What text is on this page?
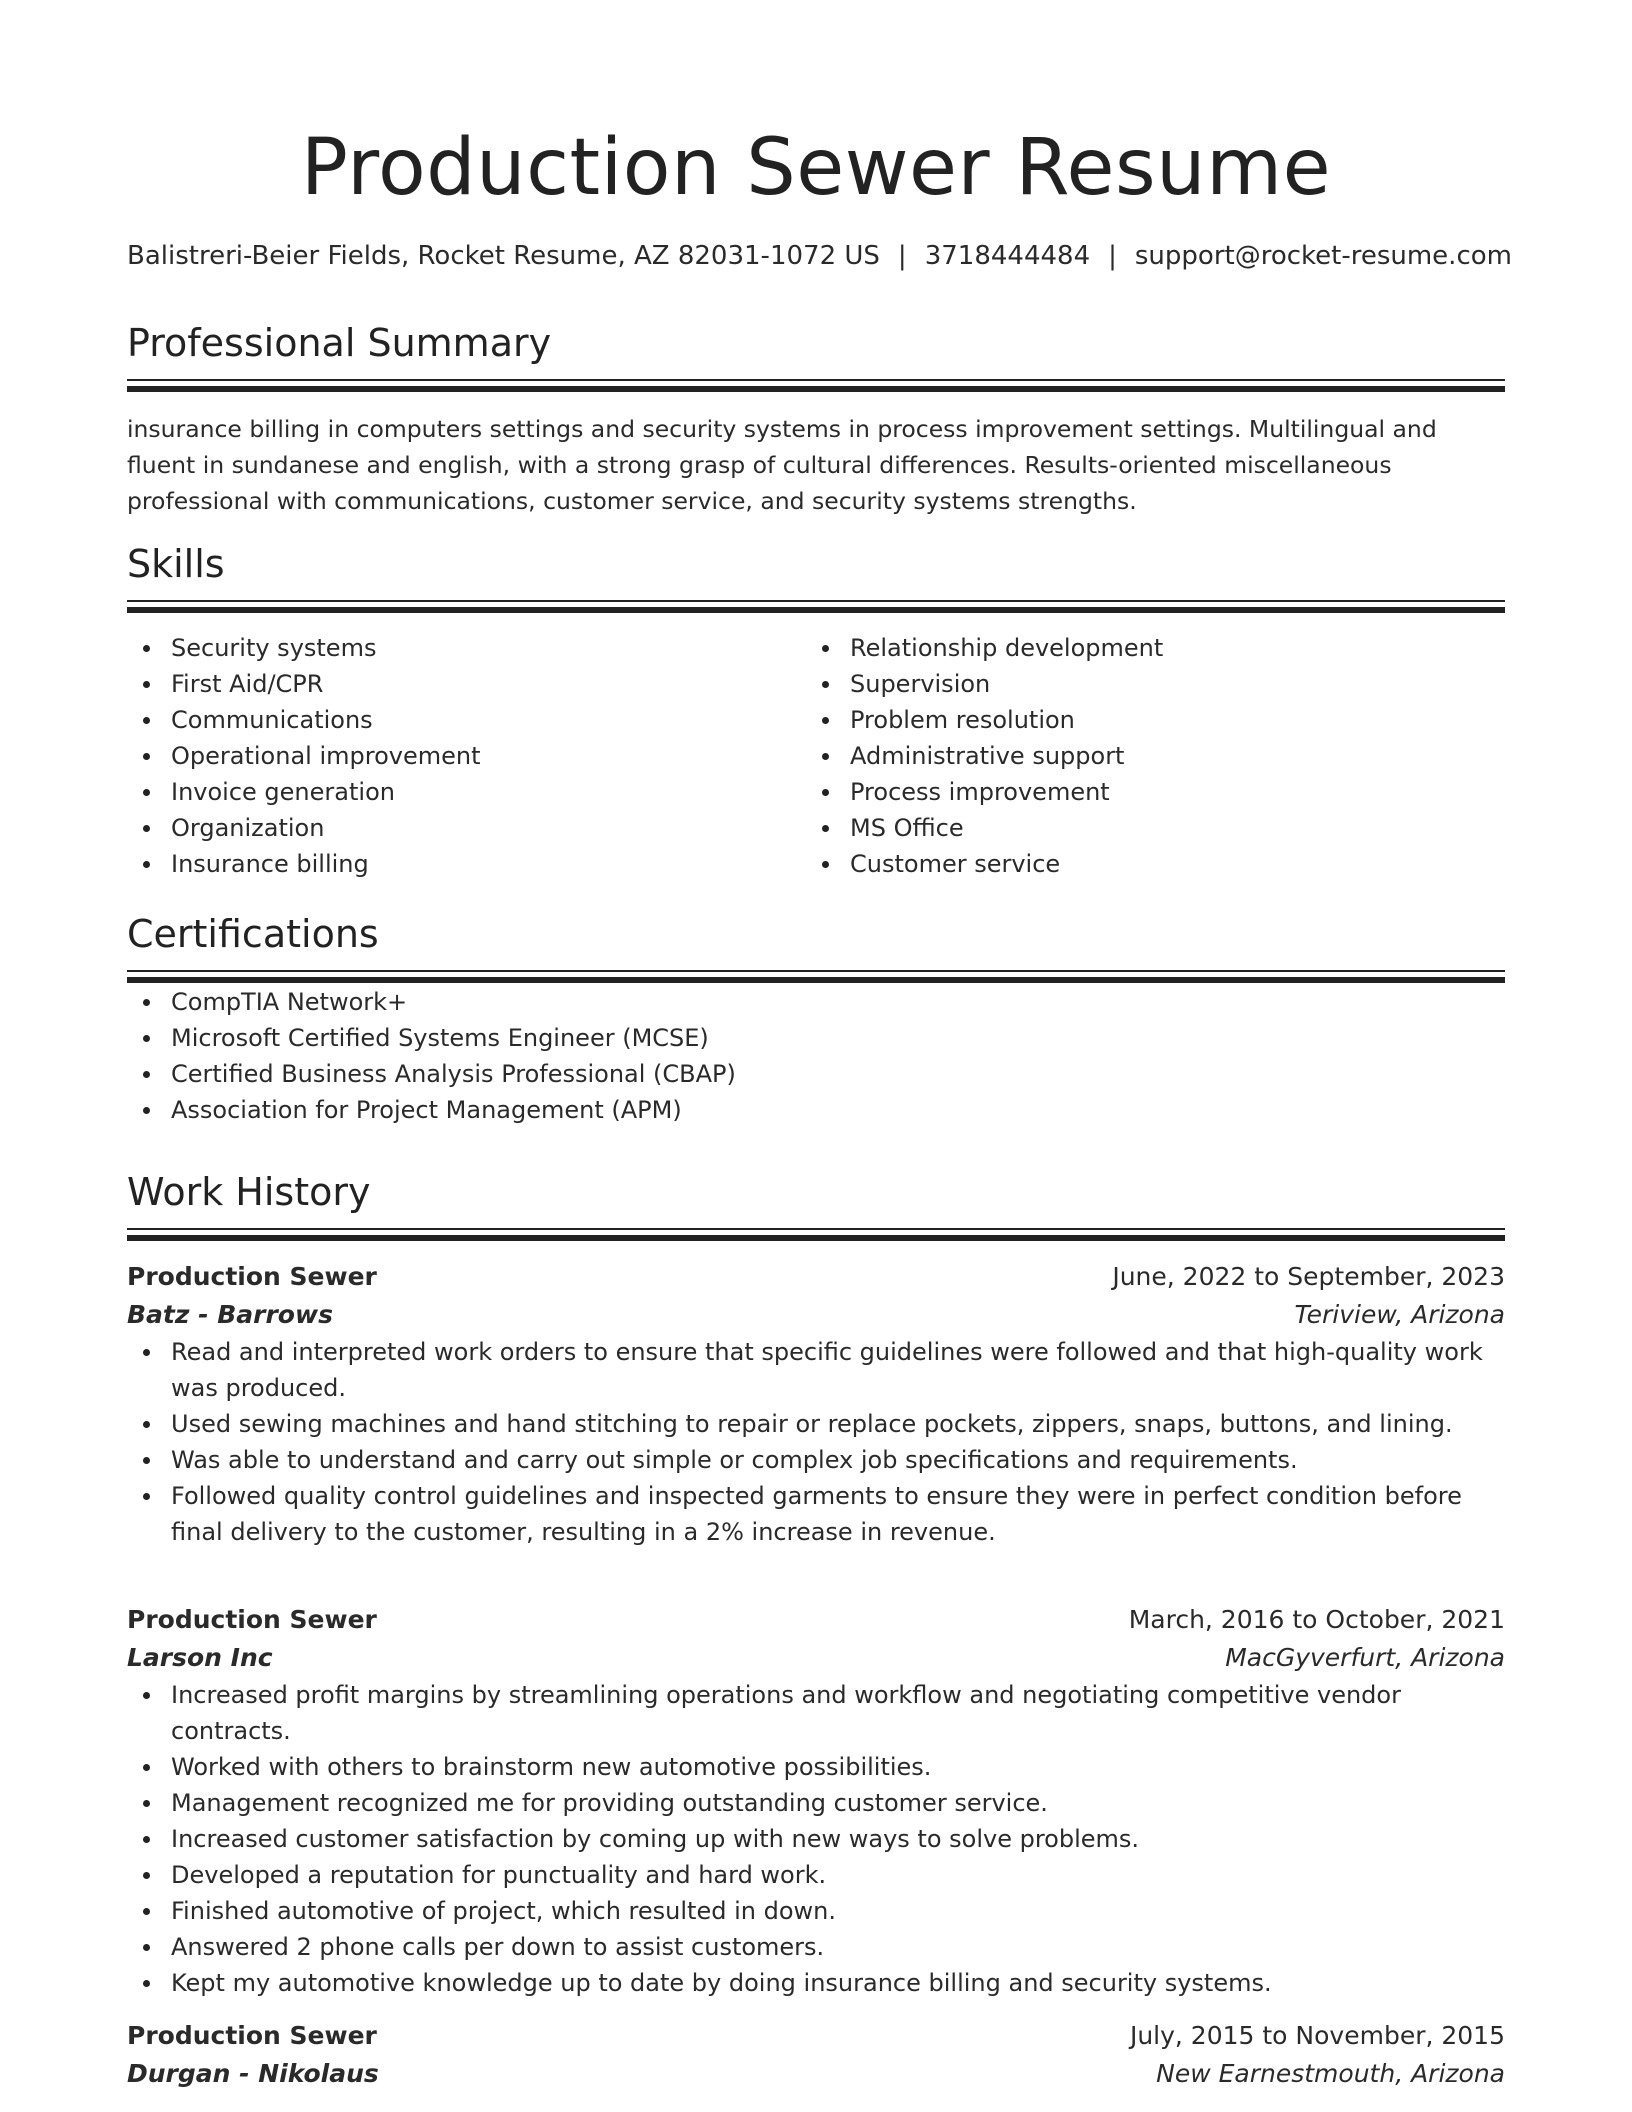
Production Sewer Resume
Balistreri-Beier Fields, Rocket Resume, AZ 82031-1072 US | 3718444484 | support@rocket-resume.com
Professional Summary

insurance billing in computers settings and security systems in process improvement settings. Multilingual and fluent in sundanese and english, with a strong grasp of cultural differences. Results-oriented miscellaneous professional with communications, customer service, and security systems strengths.

Skills
Security systems
First Aid/CPR
Communications
Operational improvement
Invoice generation
Organization
Insurance billing
Relationship development
Supervision
Problem resolution
Administrative support
Process improvement
MS Office
Customer service
Certifications
CompTIA Network+
Microsoft Certified Systems Engineer (MCSE)
Certified Business Analysis Professional (CBAP)
Association for Project Management (APM)
Work History
Production Sewer	June, 2022 to September, 2023
Batz - Barrows	Teriview, Arizona
Read and interpreted work orders to ensure that specific guidelines were followed and that high-quality work was produced.
Used sewing machines and hand stitching to repair or replace pockets, zippers, snaps, buttons, and lining.
Was able to understand and carry out simple or complex job specifications and requirements.
Followed quality control guidelines and inspected garments to ensure they were in perfect condition before final delivery to the customer, resulting in a 2% increase in revenue.
Production Sewer	March, 2016 to October, 2021
Larson Inc	MacGyverfurt, Arizona
Increased profit margins by streamlining operations and workflow and negotiating competitive vendor contracts.
Worked with others to brainstorm new automotive possibilities.
Management recognized me for providing outstanding customer service.
Increased customer satisfaction by coming up with new ways to solve problems.
Developed a reputation for punctuality and hard work.
Finished automotive of project, which resulted in down.
Answered 2 phone calls per down to assist customers.
Kept my automotive knowledge up to date by doing insurance billing and security systems.
Production Sewer	July, 2015 to November, 2015
Durgan - Nikolaus	New Earnestmouth, Arizona
